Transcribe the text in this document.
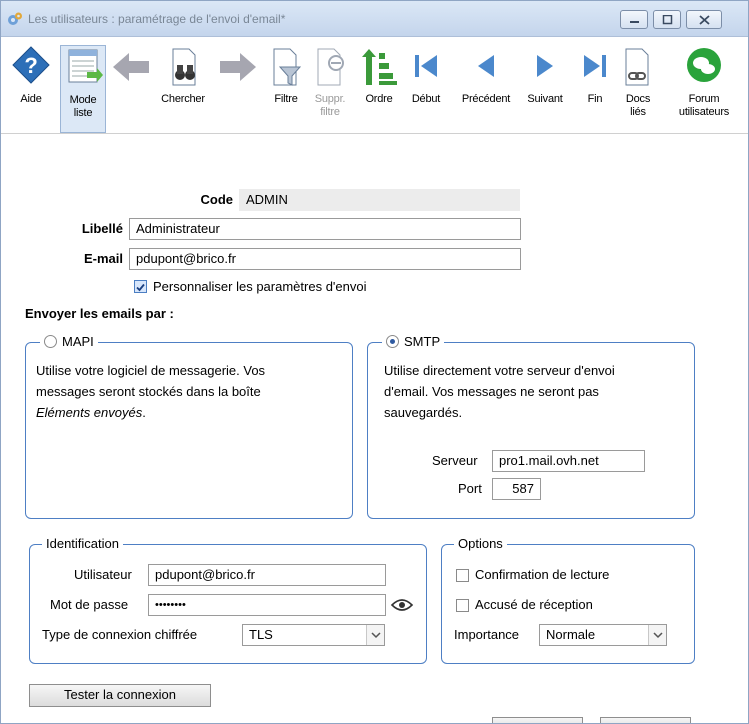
Les utilisateurs : paramétrage de l'envoi d'email*
?
Aide	Mode
liste
Chercher	Filtre	Suppr.
filtre
Ordre	Début	Précédent	Suivant	Fin	Docs
liés
Forum
utilisateurs
Code	ADMIN
Libellé	Administrateur
E-mail	pdupont@brico.fr
Personnaliser les paramètres d'envoi
Envoyer les emails par :
MAPI
Utilise votre logiciel de messagerie. Vos
messages seront stockés dans la boîte
Eléments envoyés.
SMTP
Utilise directement votre serveur d'envoi
d'email. Vos messages ne seront pas
sauvegardés.
Serveur	pro1.mail.ovh.net
Port	587
Identification
Utilisateur	pdupont@brico.fr
Mot de passe	••••••••
Type de connexion chiffrée	TLS
Options
Confirmation de lecture
Accusé de réception
Importance	Normale
Tester la connexion
